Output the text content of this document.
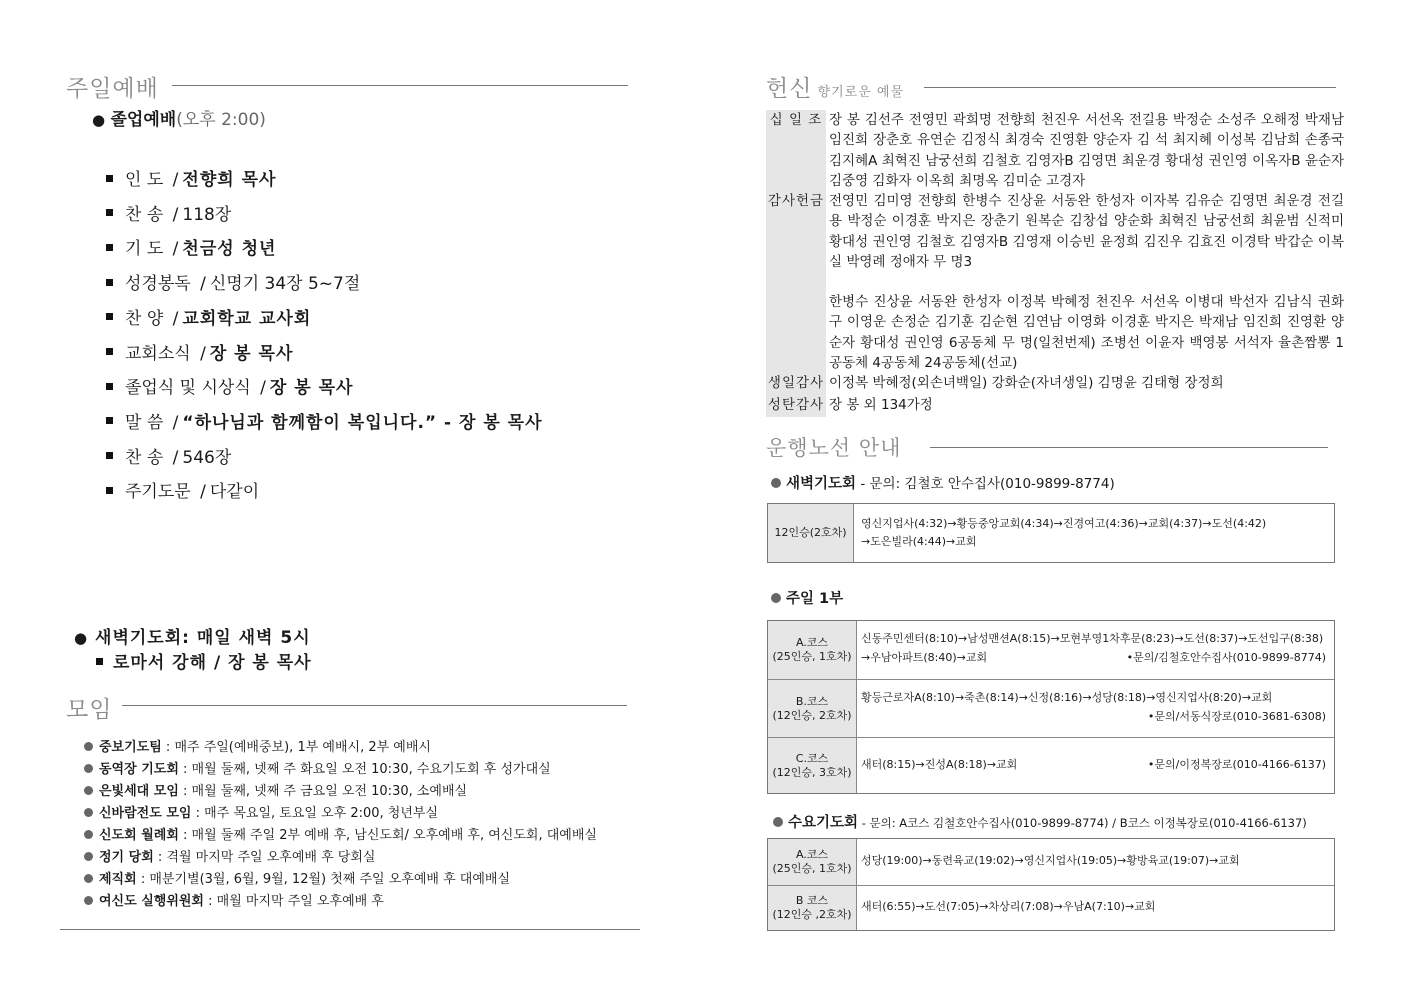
주일예배
● 졸업예배(오후 2:00)
인 도 / 전향희 목사
찬 송 / 118장
기 도 / 천금성 청년
성경봉독 / 신명기 34장 5~7절
찬 양 / 교회학교 교사회
교회소식 / 장 봉 목사
졸업식 및 시상식 / 장 봉 목사
말 씀 / “하나님과 함께함이 복입니다.” - 장 봉 목사
찬 송 / 546장
주기도문 / 다같이
● 새벽기도회: 매일 새벽 5시
로마서 강해 / 장 봉 목사
모임
중보기도팀 : 매주 주일(예배중보), 1부 예배시, 2부 예배시
동역장 기도회 : 매월 둘째, 넷째 주 화요일 오전 10:30, 수요기도회 후 성가대실
은빛세대 모임 : 매월 둘째, 넷째 주 금요일 오전 10:30, 소예배실
신바람전도 모임 : 매주 목요일, 토요일 오후 2:00, 청년부실
신도회 월례회 : 매월 둘째 주일 2부 예배 후, 남신도회/ 오후예배 후, 여신도회, 대예배실
정기 당회 : 격월 마지막 주일 오후예배 후 당회실
제직회 : 매분기별(3월, 6월, 9월, 12월) 첫째 주일 오후예배 후 대예배실
여신도 실행위원회 : 매월 마지막 주일 오후예배 후
헌신 향기로운 예물
십 일 조 장 봉 김선주 전영민 곽희명 전향희 천진우 서선옥 전길용 박정순 소성주 오해정 박재남 임진희 장춘호 유연순 김정식 최경숙 진영환 양순자 김 석 최지혜 이성복 김남희 손종국 김지혜A 최혁진 남궁선희 김철호 김영자B 김영면 최운경 황대성 권인영 이옥자B 윤순자 김중영 김화자 이옥희 최명옥 김미순 고경자
감사헌금 전영민 김미영 전향희 한병수 진상윤 서동완 한성자 이자복 김유순 김영면 최운경 전길용 박정순 이경훈 박지은 장춘기 원복순 김창섭 양순화 최혁진 남궁선희 최윤범 신적미 황대성 권인영 김철호 김영자B 김영재 이승빈 윤정희 김진우 김효진 이경탁 박갑순 이복실 박영례 정애자 무 명3
한병수 진상윤 서동완 한성자 이정복 박혜정 천진우 서선옥 이병대 박선자 김남식 권화구 이영운 손정순 김기훈 김순현 김연남 이영화 이경훈 박지은 박재남 임진희 진영환 양순자 황대성 권인영 6공동체 무 명(일천번제) 조병선 이윤자 백영봉 서석자 율촌짬뽕 1공동체 4공동체 24공동체(선교)
생일감사 이정복 박혜정(외손녀백일) 강화순(자녀생일) 김명윤 김태형 장정희
성탄감사 장 봉 외 134가정
운행노선 안내
새벽기도회 - 문의: 김철호 안수집사(010-9899-8774)
12인승(2호차)
영신지업사(4:32)→황등중앙교회(4:34)→진경여고(4:36)→교회(4:37)→도선(4:42)
→도은빌라(4:44)→교회
주일 1부
A.코스
(25인승, 1호차)
신동주민센터(8:10)→남성맨션A(8:15)→모현부영1차후문(8:23)→도선(8:37)→도선입구(8:38)
→우남아파트(8:40)→교회	•문의/김철호안수집사(010-9899-8774)
B.코스
(12인승, 2호차)
황등근로자A(8:10)→죽촌(8:14)→신정(8:16)→성당(8:18)→영신지업사(8:20)→교회
•문의/서동식장로(010-3681-6308)
C.코스
(12인승, 3호차)
새터(8:15)→진성A(8:18)→교회	•문의/이정복장로(010-4166-6137)
수요기도회 - 문의: A코스 김철호안수집사(010-9899-8774) / B코스 이정복장로(010-4166-6137)
A.코스
(25인승, 1호차)
성당(19:00)→동련육교(19:02)→영신지업사(19:05)→황방육교(19:07)→교회
B 코스
(12인승 ,2호차)
새터(6:55)→도선(7:05)→차상리(7:08)→우남A(7:10)→교회
